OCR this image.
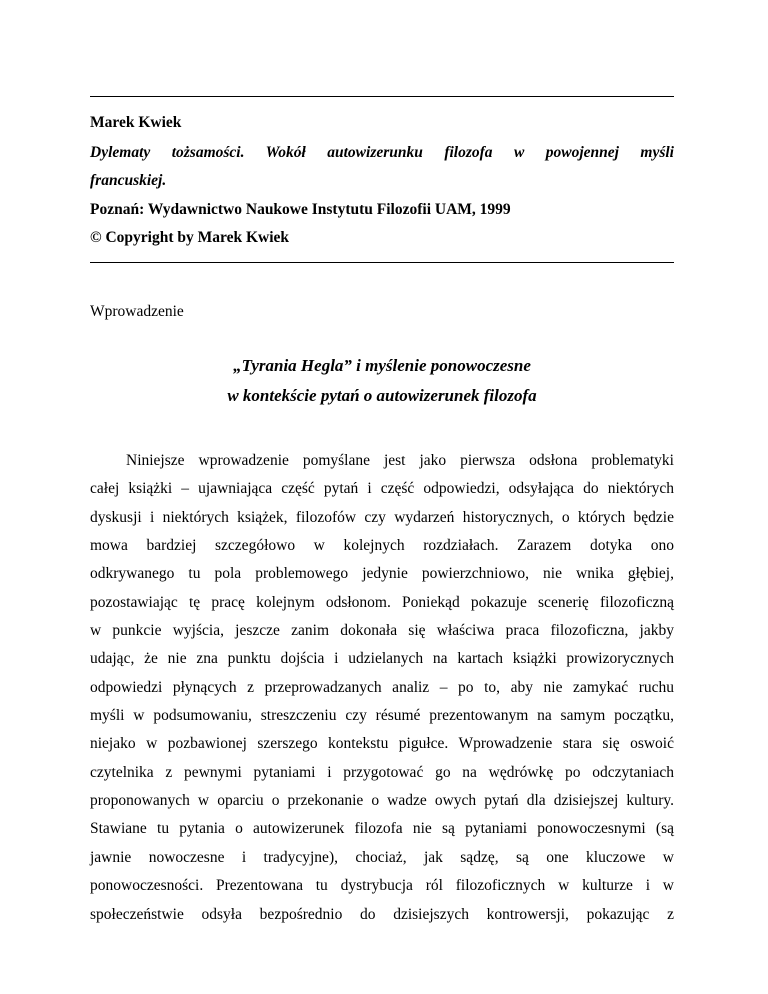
Marek Kwiek
Dylematy tożsamości. Wokół autowizerunku filozofa w powojennej myśli
francuskiej.
Poznań: Wydawnictwo Naukowe Instytutu Filozofii UAM, 1999
© Copyright by Marek Kwiek
Wprowadzenie
„Tyrania Hegla” i myślenie ponowoczesne
w kontekście pytań o autowizerunek filozofa
Niniejsze wprowadzenie pomyślane jest jako pierwsza odsłona problematyki
całej książki – ujawniająca część pytań i część odpowiedzi, odsyłająca do niektórych
dyskusji i niektórych książek, filozofów czy wydarzeń historycznych, o których będzie
mowa bardziej szczegółowo w kolejnych rozdziałach. Zarazem dotyka ono
odkrywanego tu pola problemowego jedynie powierzchniowo, nie wnika głębiej,
pozostawiając tę pracę kolejnym odsłonom. Poniekąd pokazuje scenerię filozoficzną
w punkcie wyjścia, jeszcze zanim dokonała się właściwa praca filozoficzna, jakby
udając, że nie zna punktu dojścia i udzielanych na kartach książki prowizorycznych
odpowiedzi płynących z przeprowadzanych analiz – po to, aby nie zamykać ruchu
myśli w podsumowaniu, streszczeniu czy résumé prezentowanym na samym początku,
niejako w pozbawionej szerszego kontekstu pigułce. Wprowadzenie stara się oswoić
czytelnika z pewnymi pytaniami i przygotować go na wędrówkę po odczytaniach
proponowanych w oparciu o przekonanie o wadze owych pytań dla dzisiejszej kultury.
Stawiane tu pytania o autowizerunek filozofa nie są pytaniami ponowoczesnymi (są
jawnie nowoczesne i tradycyjne), chociaż, jak sądzę, są one kluczowe w
ponowoczesności. Prezentowana tu dystrybucja ról filozoficznych w kulturze i w
społeczeństwie odsyła bezpośrednio do dzisiejszych kontrowersji, pokazując z
